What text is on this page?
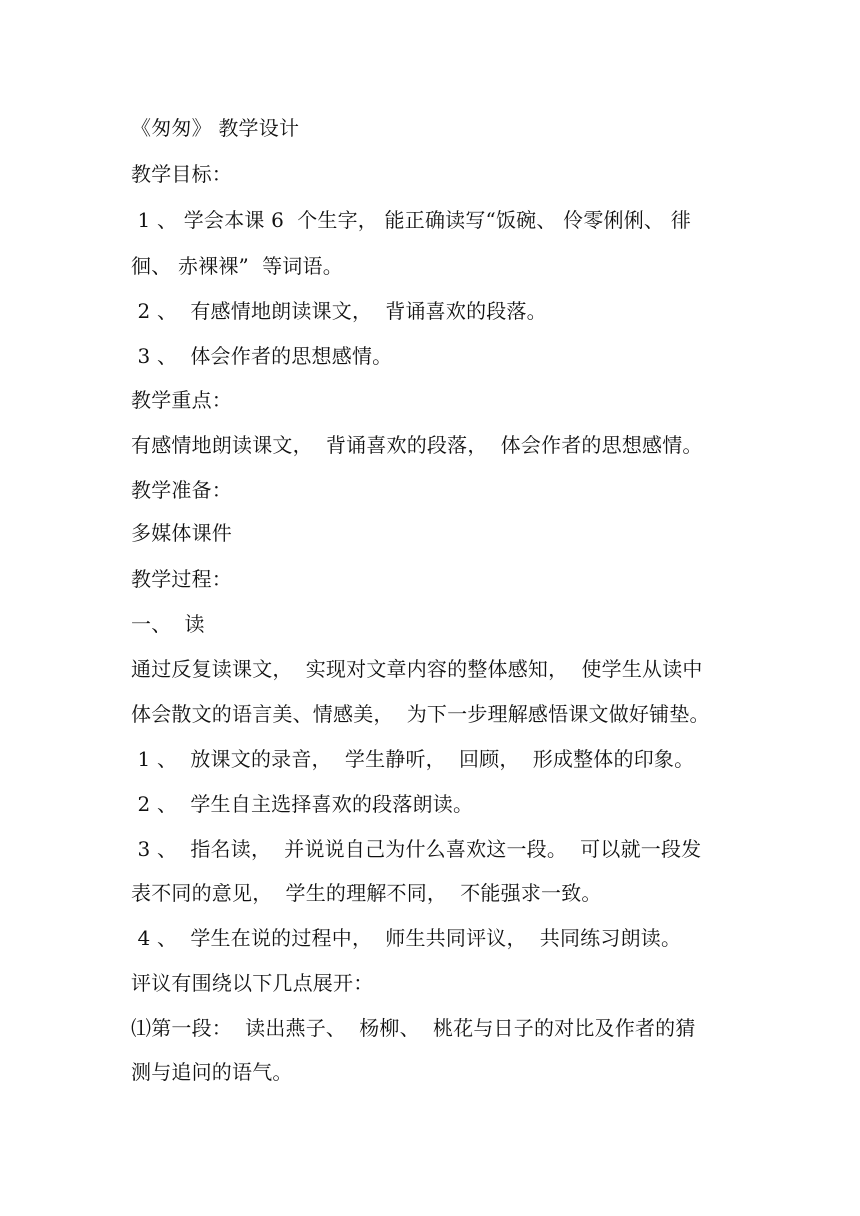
《匆匆》 教学设计
教学目标：
1 、 学会本课 6  个生字， 能正确读写“饭碗、 伶零俐俐、 徘
徊、 赤裸裸”  等词语。
2 、  有感情地朗读课文，  背诵喜欢的段落。
3 、  体会作者的思想感情。
教学重点：
有感情地朗读课文，  背诵喜欢的段落，  体会作者的思想感情。
教学准备：
多媒体课件
教学过程：
一、  读
通过反复读课文，  实现对文章内容的整体感知，  使学生从读中
体会散文的语言美、情感美，  为下一步理解感悟课文做好铺垫。
1 、  放课文的录音，  学生静听，  回顾，  形成整体的印象。
2 、  学生自主选择喜欢的段落朗读。
3 、  指名读，  并说说自己为什么喜欢这一段。  可以就一段发
表不同的意见，  学生的理解不同，  不能强求一致。
4 、  学生在说的过程中，  师生共同评议，  共同练习朗读。
评议有围绕以下几点展开：
⑴第一段：  读出燕子、  杨柳、  桃花与日子的对比及作者的猜
测与追问的语气。
